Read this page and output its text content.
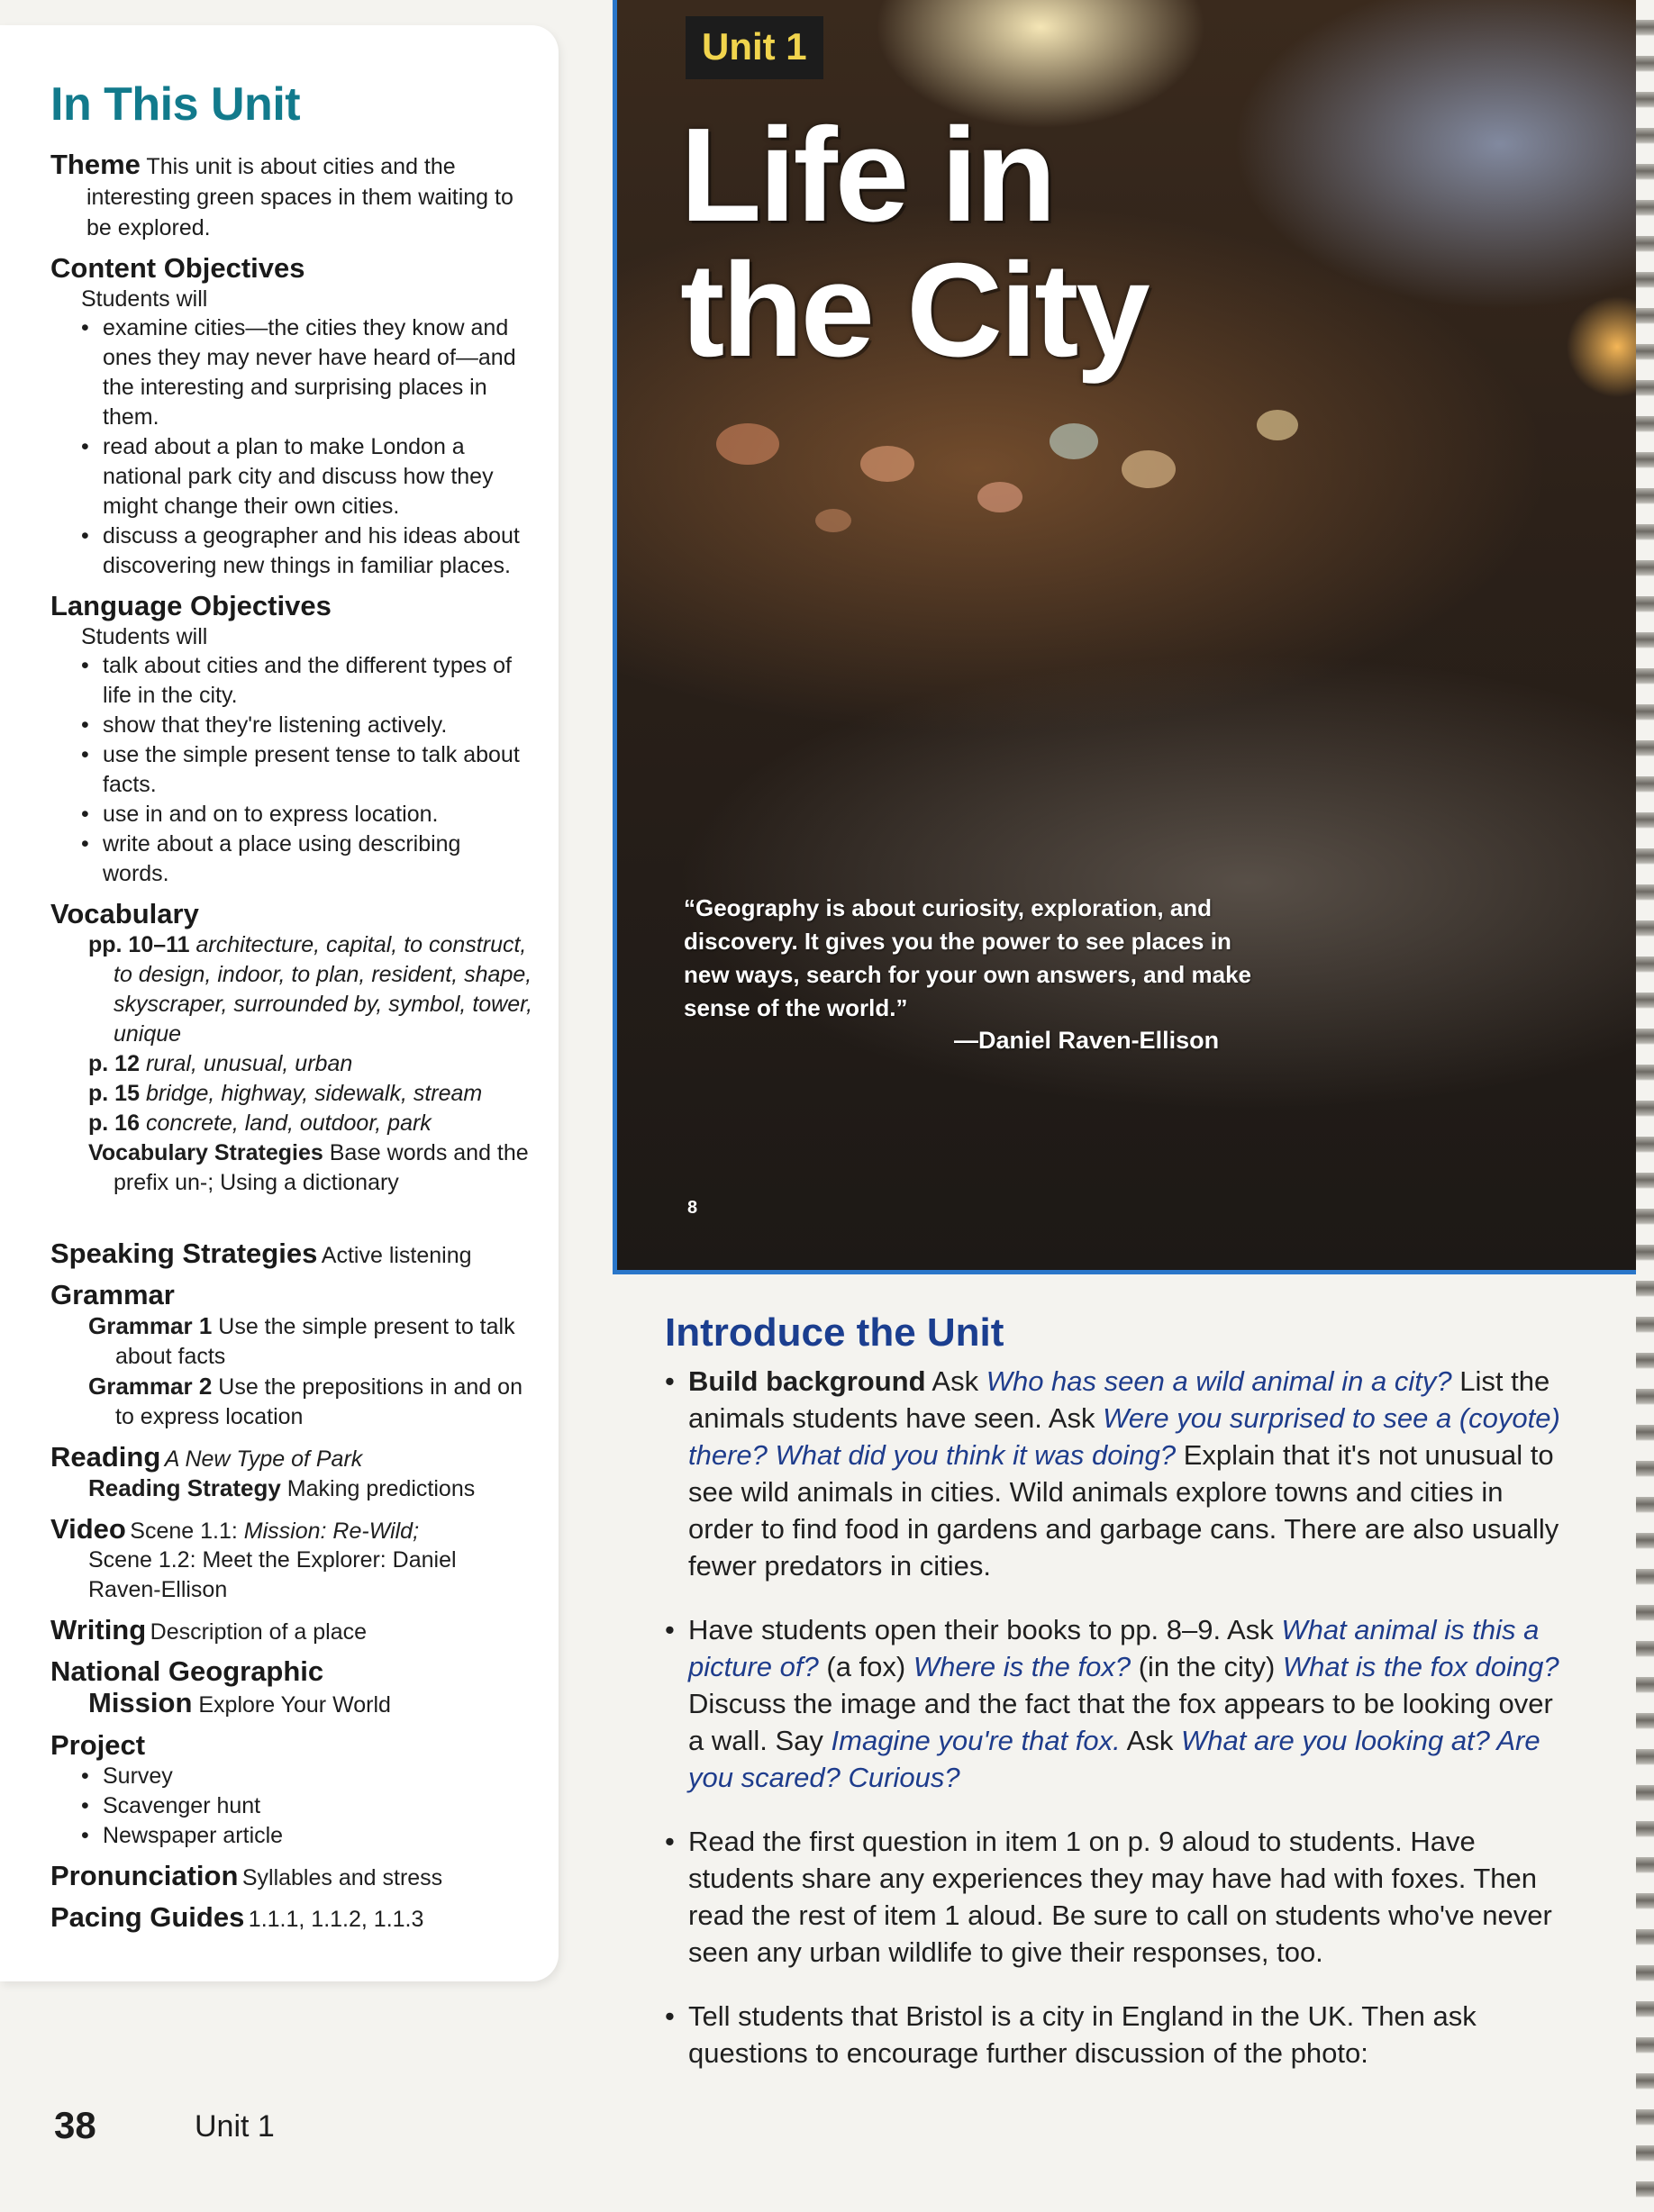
In This Unit
Theme This unit is about cities and the interesting green spaces in them waiting to be explored.
Content Objectives
Students will
• examine cities—the cities they know and ones they may never have heard of—and the interesting and surprising places in them.
• read about a plan to make London a national park city and discuss how they might change their own cities.
• discuss a geographer and his ideas about discovering new things in familiar places.
Language Objectives
Students will
• talk about cities and the different types of life in the city.
• show that they're listening actively.
• use the simple present tense to talk about facts.
• use in and on to express location.
• write about a place using describing words.
Vocabulary
pp. 10–11 architecture, capital, to construct, to design, indoor, to plan, resident, shape, skyscraper, surrounded by, symbol, tower, unique
p. 12 rural, unusual, urban
p. 15 bridge, highway, sidewalk, stream
p. 16 concrete, land, outdoor, park
Vocabulary Strategies Base words and the prefix un-; Using a dictionary
Speaking Strategies Active listening
Grammar
Grammar 1 Use the simple present to talk about facts
Grammar 2 Use the prepositions in and on to express location
Reading A New Type of Park
Reading Strategy Making predictions
Video Scene 1.1: Mission: Re-Wild;
Scene 1.2: Meet the Explorer: Daniel Raven-Ellison
Writing Description of a place
National Geographic
Mission Explore Your World
Project
• Survey
• Scavenger hunt
• Newspaper article
Pronunciation Syllables and stress
Pacing Guides 1.1.1, 1.1.2, 1.1.3
38	Unit 1
Unit 1
Life in
the City
“Geography is about curiosity, exploration, and discovery. It gives you the power to see places in new ways, search for your own answers, and make sense of the world.”
—Daniel Raven-Ellison
8
Introduce the Unit
• Build background Ask Who has seen a wild animal in a city? List the animals students have seen. Ask Were you surprised to see a (coyote) there? What did you think it was doing? Explain that it's not unusual to see wild animals in cities. Wild animals explore towns and cities in order to find food in gardens and garbage cans. There are also usually fewer predators in cities.
• Have students open their books to pp. 8–9. Ask What animal is this a picture of? (a fox) Where is the fox? (in the city) What is the fox doing? Discuss the image and the fact that the fox appears to be looking over a wall. Say Imagine you're that fox. Ask What are you looking at? Are you scared? Curious?
• Read the first question in item 1 on p. 9 aloud to students. Have students share any experiences they may have had with foxes. Then read the rest of item 1 aloud. Be sure to call on students who've never seen any urban wildlife to give their responses, too.
• Tell students that Bristol is a city in England in the UK. Then ask questions to encourage further discussion of the photo:
